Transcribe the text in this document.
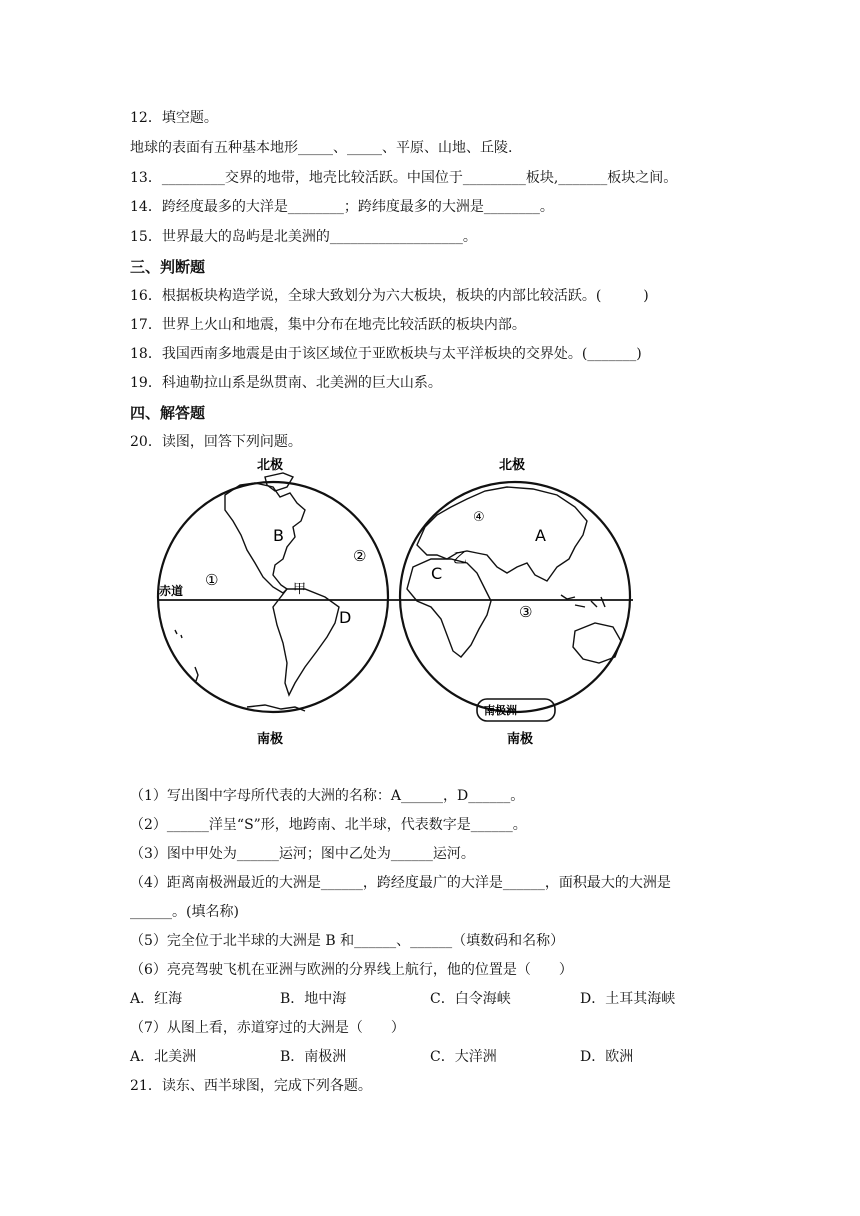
12．填空题。
地球的表面有五种基本地形_____、_____、平原、山地、丘陵.
13．_________交界的地带，地壳比较活跃。中国位于_________板块,_______板块之间。
14．跨经度最多的大洋是________；跨纬度最多的大洲是________。
15．世界最大的岛屿是北美洲的___________________。
三、判断题
16．根据板块构造学说，全球大致划分为六大板块，板块的内部比较活跃。(　　　)
17．世界上火山和地震，集中分布在地壳比较活跃的板块内部。
18．我国西南多地震是由于该区域位于亚欧板块与太平洋板块的交界处。(_______)
19．科迪勒拉山系是纵贯南、北美洲的巨大山系。
四、解答题
20．读图，回答下列问题。
北极	北极
南极	南极
赤道
A
B
C
D
①
②
③
④
甲
乙
南极洲
（1）写出图中字母所代表的大洲的名称：A______，D______。
（2）______洋呈“S”形，地跨南、北半球，代表数字是______。
（3）图中甲处为______运河；图中乙处为______运河。
（4）距离南极洲最近的大洲是______，跨经度最广的大洋是______，面积最大的大洲是
______。(填名称)
（5）完全位于北半球的大洲是 B 和______、______（填数码和名称）
（6）亮亮驾驶飞机在亚洲与欧洲的分界线上航行，他的位置是（　　）
A．红海	B．地中海	C．白令海峡	D．土耳其海峡
（7）从图上看，赤道穿过的大洲是（　　）
A．北美洲	B．南极洲	C．大洋洲	D．欧洲
21．读东、西半球图，完成下列各题。
